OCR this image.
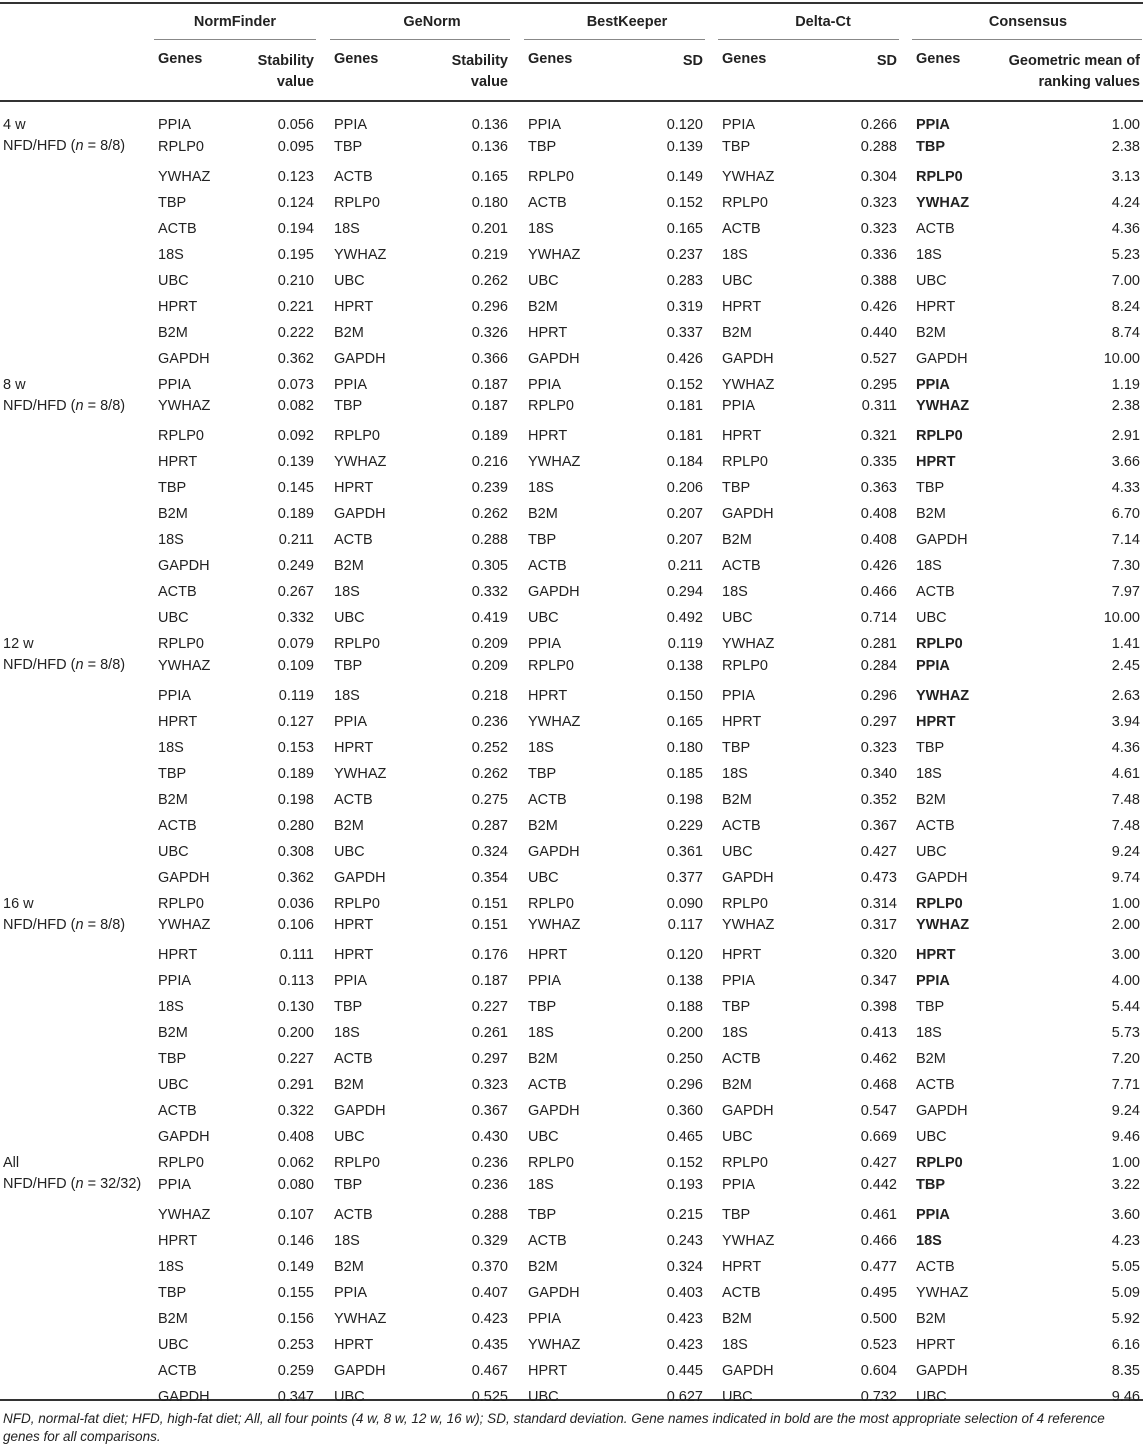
NormFinder	GeNorm	BestKeeper	Delta-Ct	Consensus
Genes	Stability value
Genes	Stability value
Genes	SD Genes	SD Genes	Geometric mean of ranking values
4 w
NFD/HFD (n = 8/8)
PPIA	0.056 PPIA	0.136 PPIA	0.120 PPIA	0.266 PPIA	1.00
RPLP0	0.095 TBP	0.136 TBP	0.139 TBP	0.288 TBP	2.38
YWHAZ	0.123 ACTB	0.165 RPLP0	0.149 YWHAZ	0.304 RPLP0	3.13
TBP	0.124 RPLP0	0.180 ACTB	0.152 RPLP0	0.323 YWHAZ	4.24
ACTB	0.194 18S	0.201 18S	0.165 ACTB	0.323 ACTB	4.36
18S	0.195 YWHAZ	0.219 YWHAZ	0.237 18S	0.336 18S	5.23
UBC	0.210 UBC	0.262 UBC	0.283 UBC	0.388 UBC	7.00
HPRT	0.221 HPRT	0.296 B2M	0.319 HPRT	0.426 HPRT	8.24
B2M	0.222 B2M	0.326 HPRT	0.337 B2M	0.440 B2M	8.74
GAPDH	0.362 GAPDH	0.366 GAPDH	0.426 GAPDH	0.527 GAPDH	10.00
8 w
NFD/HFD (n = 8/8)
PPIA	0.073 PPIA	0.187 PPIA	0.152 YWHAZ	0.295 PPIA	1.19
YWHAZ	0.082 TBP	0.187 RPLP0	0.181 PPIA	0.311 YWHAZ	2.38
RPLP0	0.092 RPLP0	0.189 HPRT	0.181 HPRT	0.321 RPLP0	2.91
HPRT	0.139 YWHAZ	0.216 YWHAZ	0.184 RPLP0	0.335 HPRT	3.66
TBP	0.145 HPRT	0.239 18S	0.206 TBP	0.363 TBP	4.33
B2M	0.189 GAPDH	0.262 B2M	0.207 GAPDH	0.408 B2M	6.70
18S	0.211 ACTB	0.288 TBP	0.207 B2M	0.408 GAPDH	7.14
GAPDH	0.249 B2M	0.305 ACTB	0.211 ACTB	0.426 18S	7.30
ACTB	0.267 18S	0.332 GAPDH	0.294 18S	0.466 ACTB	7.97
UBC	0.332 UBC	0.419 UBC	0.492 UBC	0.714 UBC	10.00
12 w
NFD/HFD (n = 8/8)
RPLP0	0.079 RPLP0	0.209 PPIA	0.119 YWHAZ	0.281 RPLP0	1.41
YWHAZ	0.109 TBP	0.209 RPLP0	0.138 RPLP0	0.284 PPIA	2.45
PPIA	0.119 18S	0.218 HPRT	0.150 PPIA	0.296 YWHAZ	2.63
HPRT	0.127 PPIA	0.236 YWHAZ	0.165 HPRT	0.297 HPRT	3.94
18S	0.153 HPRT	0.252 18S	0.180 TBP	0.323 TBP	4.36
TBP	0.189 YWHAZ	0.262 TBP	0.185 18S	0.340 18S	4.61
B2M	0.198 ACTB	0.275 ACTB	0.198 B2M	0.352 B2M	7.48
ACTB	0.280 B2M	0.287 B2M	0.229 ACTB	0.367 ACTB	7.48
UBC	0.308 UBC	0.324 GAPDH	0.361 UBC	0.427 UBC	9.24
GAPDH	0.362 GAPDH	0.354 UBC	0.377 GAPDH	0.473 GAPDH	9.74
16 w
NFD/HFD (n = 8/8)
RPLP0	0.036 RPLP0	0.151 RPLP0	0.090 RPLP0	0.314 RPLP0	1.00
YWHAZ	0.106 HPRT	0.151 YWHAZ	0.117 YWHAZ	0.317 YWHAZ	2.00
HPRT	0.111 HPRT	0.176 HPRT	0.120 HPRT	0.320 HPRT	3.00
PPIA	0.113 PPIA	0.187 PPIA	0.138 PPIA	0.347 PPIA	4.00
18S	0.130 TBP	0.227 TBP	0.188 TBP	0.398 TBP	5.44
B2M	0.200 18S	0.261 18S	0.200 18S	0.413 18S	5.73
TBP	0.227 ACTB	0.297 B2M	0.250 ACTB	0.462 B2M	7.20
UBC	0.291 B2M	0.323 ACTB	0.296 B2M	0.468 ACTB	7.71
ACTB	0.322 GAPDH	0.367 GAPDH	0.360 GAPDH	0.547 GAPDH	9.24
GAPDH	0.408 UBC	0.430 UBC	0.465 UBC	0.669 UBC	9.46
All
NFD/HFD (n = 32/32)
RPLP0	0.062 RPLP0	0.236 RPLP0	0.152 RPLP0	0.427 RPLP0	1.00
PPIA	0.080 TBP	0.236 18S	0.193 PPIA	0.442 TBP	3.22
YWHAZ	0.107 ACTB	0.288 TBP	0.215 TBP	0.461 PPIA	3.60
HPRT	0.146 18S	0.329 ACTB	0.243 YWHAZ	0.466 18S	4.23
18S	0.149 B2M	0.370 B2M	0.324 HPRT	0.477 ACTB	5.05
TBP	0.155 PPIA	0.407 GAPDH	0.403 ACTB	0.495 YWHAZ	5.09
B2M	0.156 YWHAZ	0.423 PPIA	0.423 B2M	0.500 B2M	5.92
UBC	0.253 HPRT	0.435 YWHAZ	0.423 18S	0.523 HPRT	6.16
ACTB	0.259 GAPDH	0.467 HPRT	0.445 GAPDH	0.604 GAPDH	8.35
GAPDH	0.347 UBC	0.525 UBC	0.627 UBC	0.732 UBC	9.46
NFD, normal-fat diet; HFD, high-fat diet; All, all four points (4 w, 8 w, 12 w, 16 w); SD, standard deviation. Gene names indicated in bold are the most appropriate selection of 4 reference genes for all comparisons.
